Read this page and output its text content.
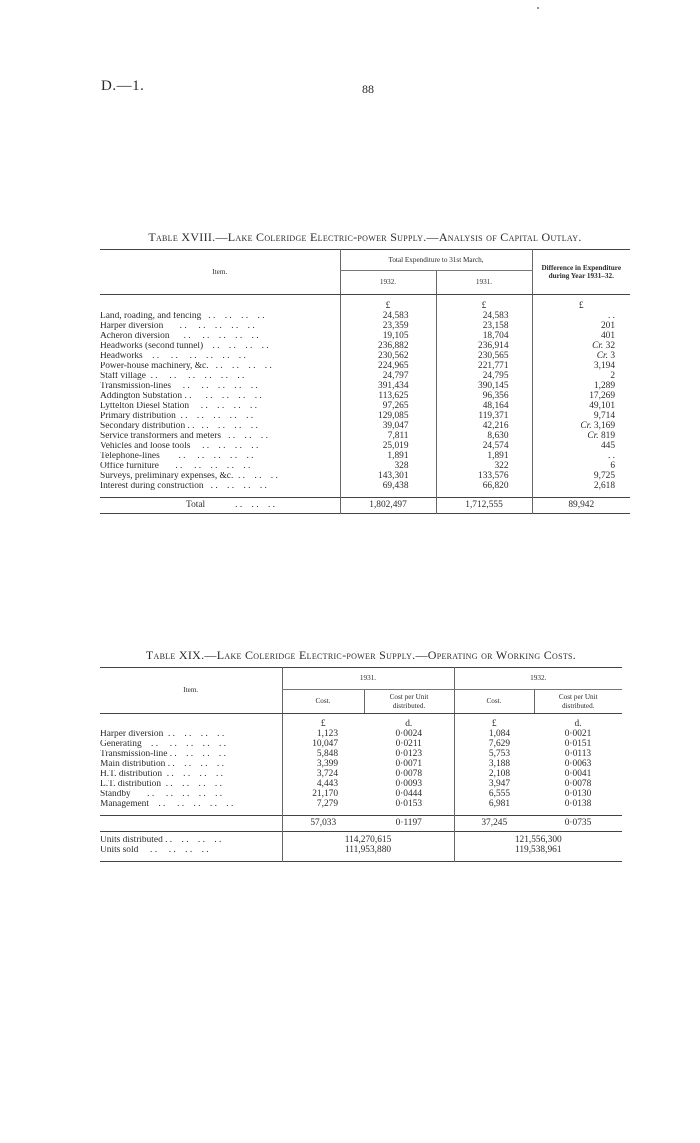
D.—1.	88
Table XVIII.—Lake Coleridge Electric-power Supply.—Analysis of Capital Outlay.
Item.	Total Expenditure to 31st March,		Difference in Expenditure during Year 1931–32.
	1932.	1931.	
	£	£	£
Land, roading, and fencing   . .    . .    . .    . .	24,583	24,583	. .
Harper diversion       . .     . .    . .    . .    . .	23,359	23,158	201
Acheron diversion      . .     . .    . .    . .    . .	19,105	18,704	401
Headworks (second tunnel)    . .    . .    . .    . .	236,882	236,914	Cr. 32
Headworks    . .     . .     . .    . .    . .    . .	230,562	230,565	Cr. 3
Power-house machinery, &c.   . .    . .    . .    . .	224,965	221,771	3,194
Staff village  . .     . .     . .    . .    . .    . .	24,797	24,795	2
Transmission-lines     . .     . .    . .    . .    . .	391,434	390,145	1,289
Addington Substation . .      . .    . .    . .    . .	113,625	96,356	17,269
Lyttelton Diesel Station     . .    . .    . .    . .	97,265	48,164	49,101
Primary distribution  . .    . .    . .    . .    . .	129,085	119,371	9,714
Secondary distribution . .   . .    . .    . .    . .	39,047	42,216	Cr. 3,169
Service transformers and meters   . .    . .    . .	7,811	8,630	Cr. 819
Vehicles and loose tools     . .    . .    . .    . .	25,019	24,574	445
Telephone-lines        . .     . .    . .    . .    . .	1,891	1,891	. .
Office furniture       . .     . .    . .    . .    . .	328	322	6
Surveys, preliminary expenses, &c.  . .    . .    . .	143,301	133,576	9,725
Interest during construction   . .    . .    . .    . .	69,438	66,820	2,618

Total . .    . .    . .	1,802,497	1,712,555	89,942
Table XIX.—Lake Coleridge Electric-power Supply.—Operating or Working Costs.
Item.	1931.		1932.	
	Cost.	Cost per Unit distributed.	Cost.	Cost per Unit distributed.
	£	d.	£	d.
Harper diversion  . .    . .    . .    . .	1,123	0·0024	1,084	0·0021
Generating    . .     . .    . .    . .    . .	10,047	0·0211	7,629	0·0151
Transmission-line . .    . .    . .    . .	5,848	0·0123	5,753	0·0113
Main distribution . .    . .    . .    . .	3,399	0·0071	3,188	0·0063
H.T. distribution  . .    . .    . .    . .	3,724	0·0078	2,108	0·0041
L.T. distribution  . .    . .    . .    . .	4,443	0·0093	3,947	0·0078
Standby       . .     . .    . .    . .    . .	21,170	0·0444	6,555	0·0130
Management    . .     . .    . .    . .    . .	7,279	0·0153	6,981	0·0138

	57,033	0·1197	37,245	0·0735

Units distributed . .    . .    . .    . .	114,270,615		121,556,300	
Units sold     . .     . .    . .    . .	111,953,880		119,538,961	
